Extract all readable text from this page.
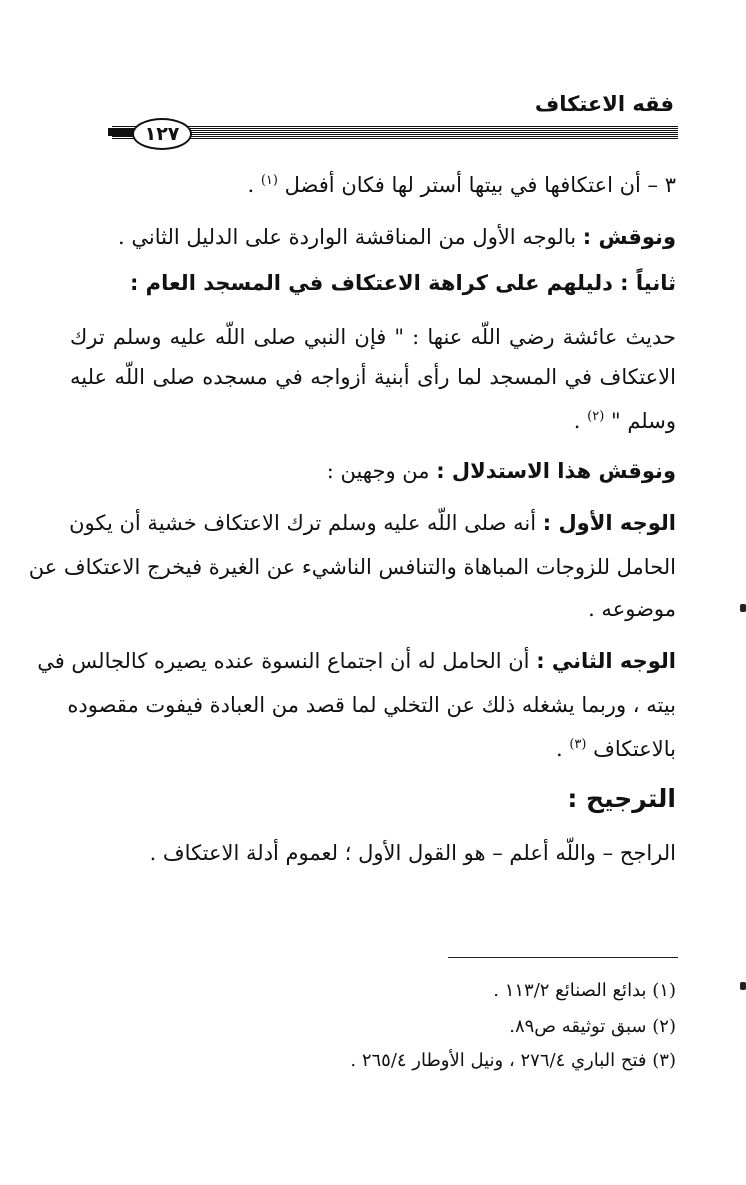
فقه الاعتكاف
١٢٧
٣ – أن اعتكافها في بيتها أستر لها فكان أفضل $^{(١)}$ .
ونوقش : بالوجه الأول من المناقشة الواردة على الدليل الثاني .
ثانياً : دليلهم على كراهة الاعتكاف في المسجد العام :
حديث عائشة رضي اللّه عنها : " فإن النبي صلى اللّه عليه وسلم ترك
الاعتكاف في المسجد لما رأى أبنية أزواجه في مسجده صلى اللّه عليه
وسلم " $^{(٢)}$ .
ونوقش هذا الاستدلال : من وجهين :
الوجه الأول : أنه صلى اللّه عليه وسلم ترك الاعتكاف خشية أن يكون
الحامل للزوجات المباهاة والتنافس الناشيء عن الغيرة فيخرج الاعتكاف عن
موضوعه .
الوجه الثاني : أن الحامل له أن اجتماع النسوة عنده يصيره كالجالس في
بيته ، وربما يشغله ذلك عن التخلي لما قصد من العبادة فيفوت مقصوده
بالاعتكاف $^{(٣)}$ .
الترجيح :
الراجح – واللّه أعلم – هو القول الأول ؛ لعموم أدلة الاعتكاف .
(١) بدائع الصنائع ١١٣/٢ .
(٢) سبق توثيقه ص٨٩.
(٣) فتح الباري ٢٧٦/٤ ، ونيل الأوطار ٢٦٥/٤ .
